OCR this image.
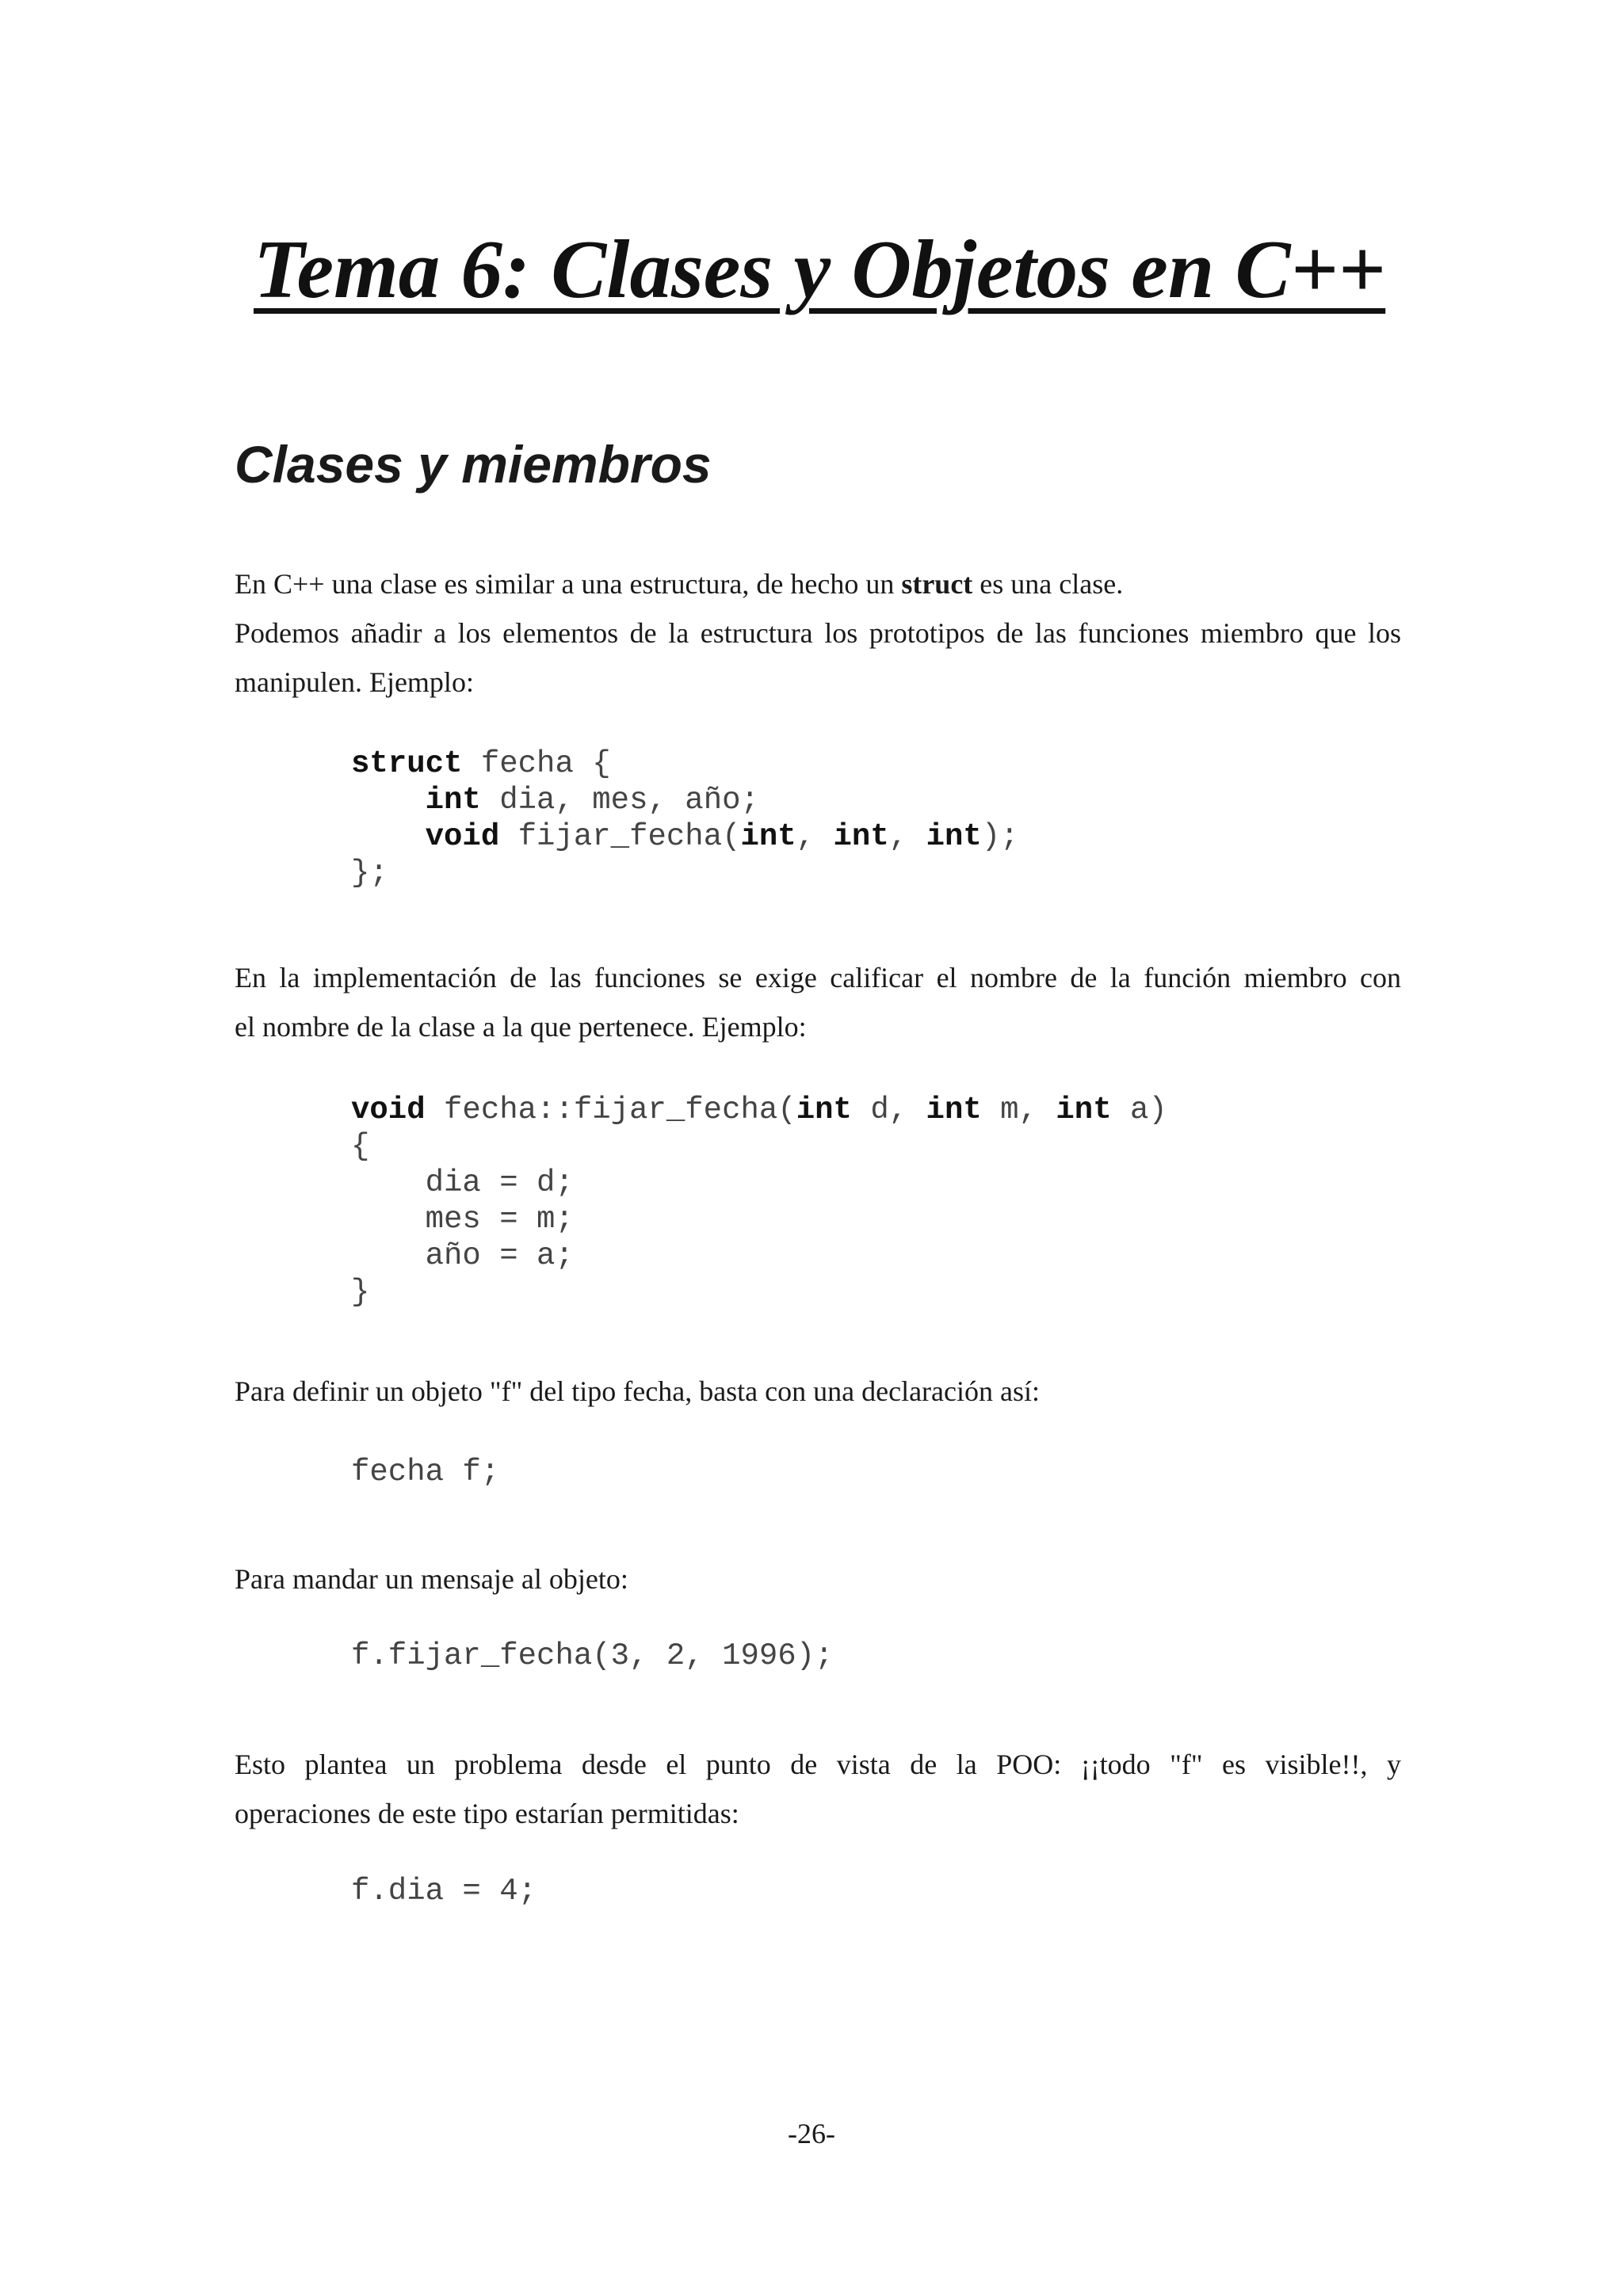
Tema 6: Clases y Objetos en C++
Clases y miembros

En C++ una clase es similar a una estructura, de hecho un struct es una clase.
Podemos añadir a los elementos de la estructura los prototipos de las funciones miembro que los
manipulen. Ejemplo:

struct fecha {
int dia, mes, año;
void fijar_fecha(int, int, int);
};

En la implementación de las funciones se exige calificar el nombre de la función miembro con
el nombre de la clase a la que pertenece. Ejemplo:

void fecha::fijar_fecha(int d, int m, int a)
{
dia = d;
mes = m;
año = a;
}

Para definir un objeto "f" del tipo fecha, basta con una declaración así:

fecha f;

Para mandar un mensaje al objeto:

f.fijar_fecha(3, 2, 1996);

Esto plantea un problema desde el punto de vista de la POO: ¡¡todo "f" es visible!!, y
operaciones de este tipo estarían permitidas:

f.dia = 4;

-26-
